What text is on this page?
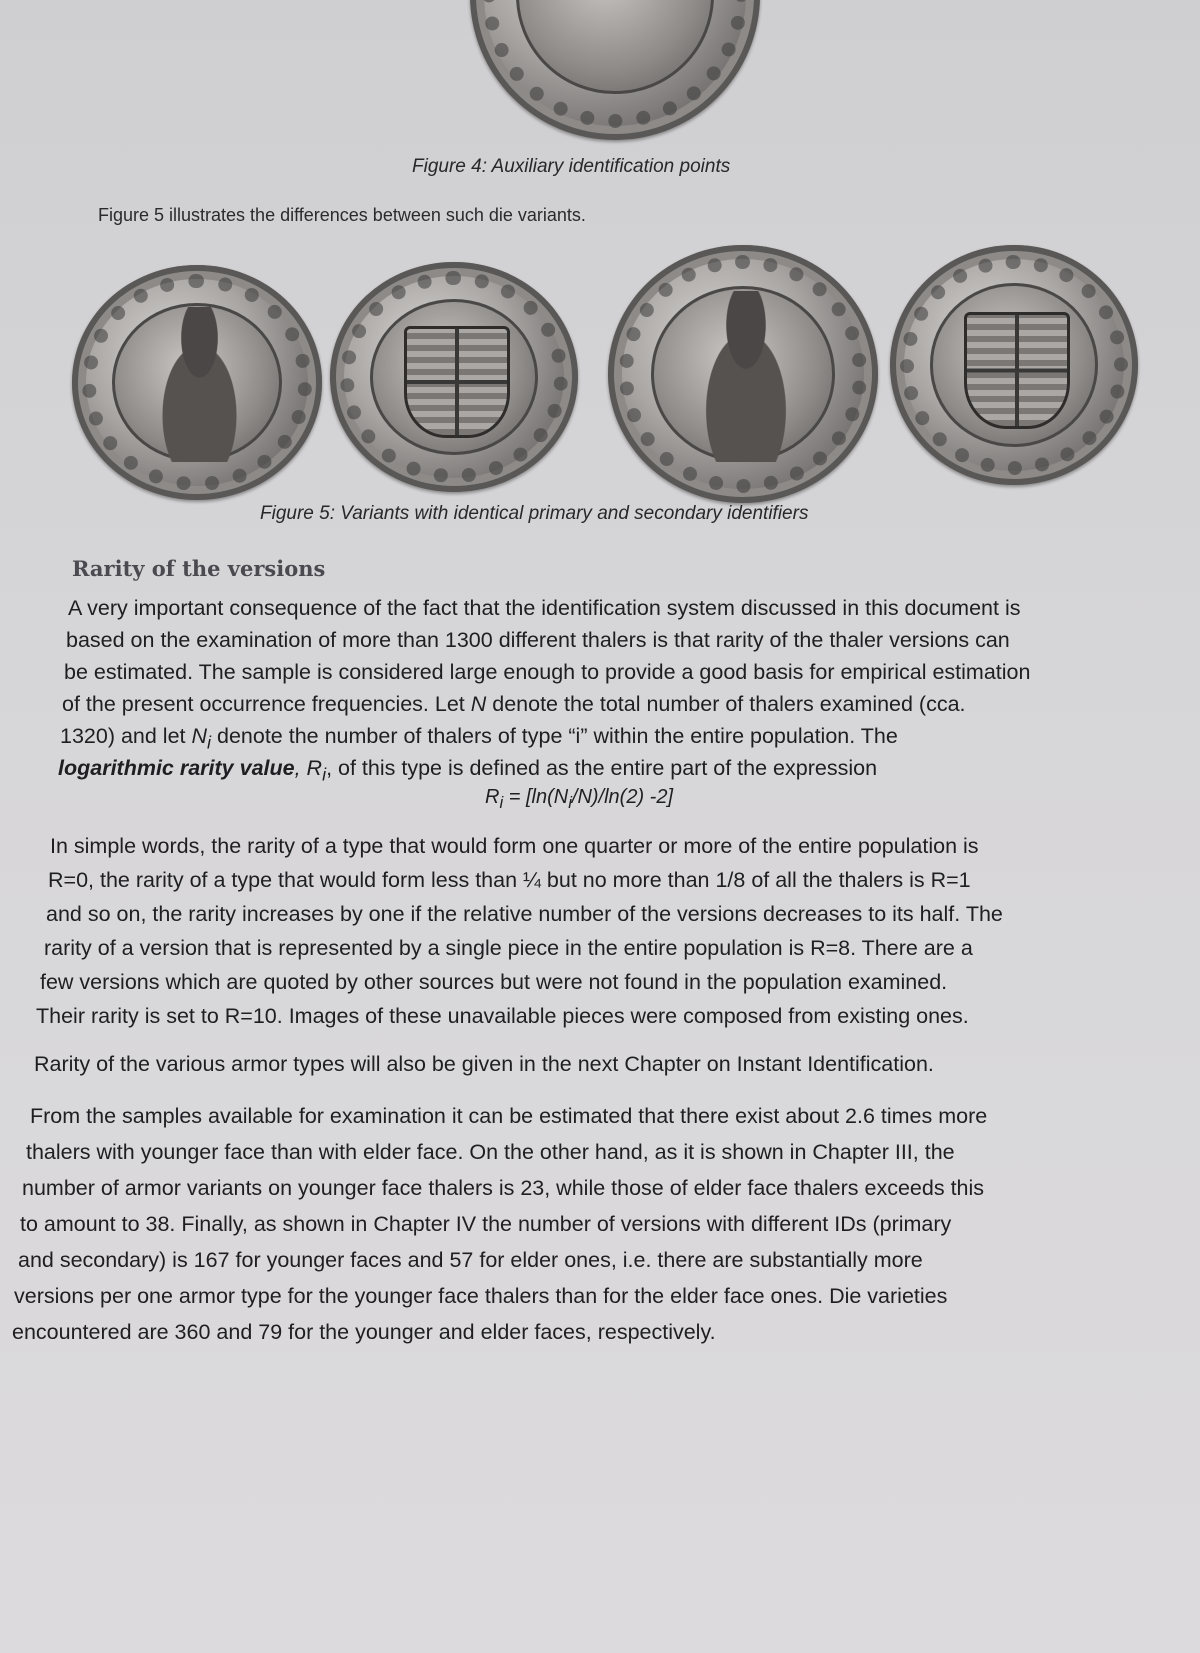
Figure 4: Auxiliary identification points

Figure 5 illustrates the differences between such die variants.

Figure 5: Variants with identical primary and secondary identifiers

Rarity of the versions

A very important consequence of the fact that the identification system discussed in this document is

based on the examination of more than 1300 different thalers is that rarity of the thaler versions can

be estimated. The sample is considered large enough to provide a good basis for empirical estimation

of the present occurrence frequencies. Let N denote the total number of thalers examined (cca.

1320) and let $N_i$ denote the number of thalers of type “i” within the entire population. The

logarithmic rarity value, $R_i$, of this type is defined as the entire part of the expression

$R_i = [\ln(N_i/N)/\ln(2)$ -2]

In simple words, the rarity of a type that would form one quarter or more of the entire population is

R=0, the rarity of a type that would form less than ¼ but no more than 1/8 of all the thalers is R=1

and so on, the rarity increases by one if the relative number of the versions decreases to its half. The

rarity of a version that is represented by a single piece in the entire population is R=8. There are a

few versions which are quoted by other sources but were not found in the population examined.

Their rarity is set to R=10. Images of these unavailable pieces were composed from existing ones.

Rarity of the various armor types will also be given in the next Chapter on Instant Identification.

From the samples available for examination it can be estimated that there exist about 2.6 times more

thalers with younger face than with elder face. On the other hand, as it is shown in Chapter III, the

number of armor variants on younger face thalers is 23, while those of elder face thalers exceeds this

to amount to 38. Finally, as shown in Chapter IV the number of versions with different IDs (primary

and secondary) is 167 for younger faces and 57 for elder ones, i.e. there are substantially more

versions per one armor type for the younger face thalers than for the elder face ones. Die varieties

encountered are 360 and 79 for the younger and elder faces, respectively.
